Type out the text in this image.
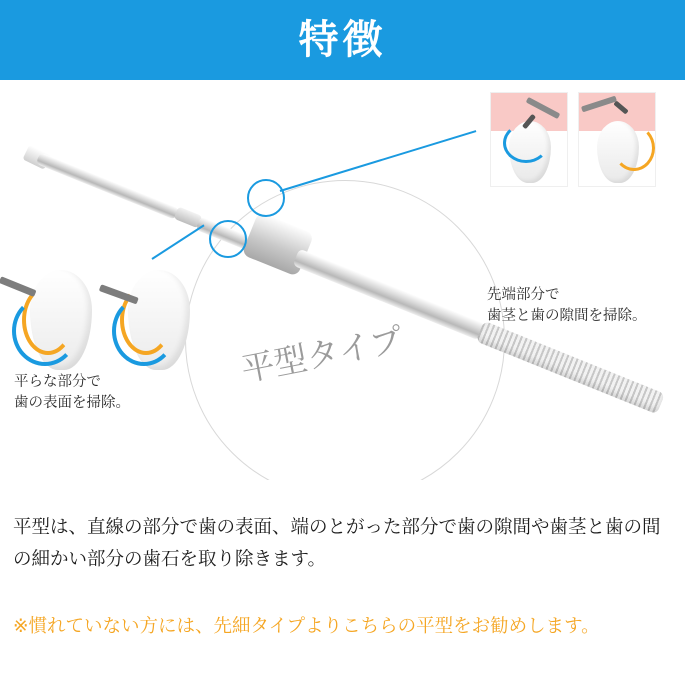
特徴
平型タイプ
先端部分で
歯茎と歯の隙間を掃除。
平らな部分で
歯の表面を掃除。
平型は、直線の部分で歯の表面、端のとがった部分で歯の隙間や歯茎と歯の間の細かい部分の歯石を取り除きます。
※慣れていない方には、先細タイプよりこちらの平型をお勧めします。
